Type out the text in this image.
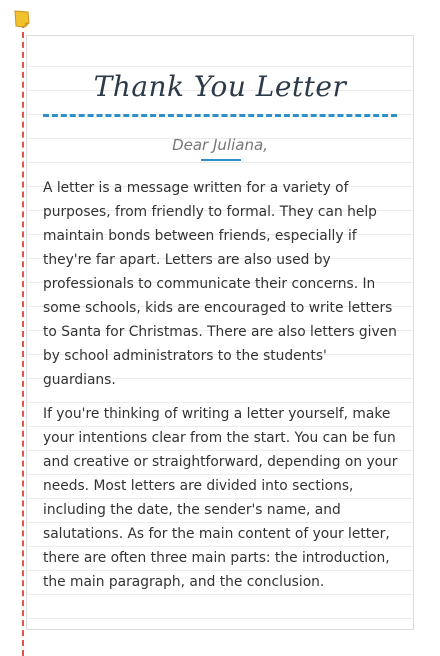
Thank You Letter
Dear Juliana,

A letter is a message written for a variety of purposes, from friendly to formal. They can help maintain bonds between friends, especially if they're far apart. Letters are also used by professionals to communicate their concerns. In some schools, kids are encouraged to write letters to Santa for Christmas. There are also letters given by school administrators to the students' guardians.

If you're thinking of writing a letter yourself, make your intentions clear from the start. You can be fun and creative or straightforward, depending on your needs. Most letters are divided into sections, including the date, the sender's name, and salutations. As for the main content of your letter, there are often three main parts: the introduction, the main paragraph, and the conclusion.
